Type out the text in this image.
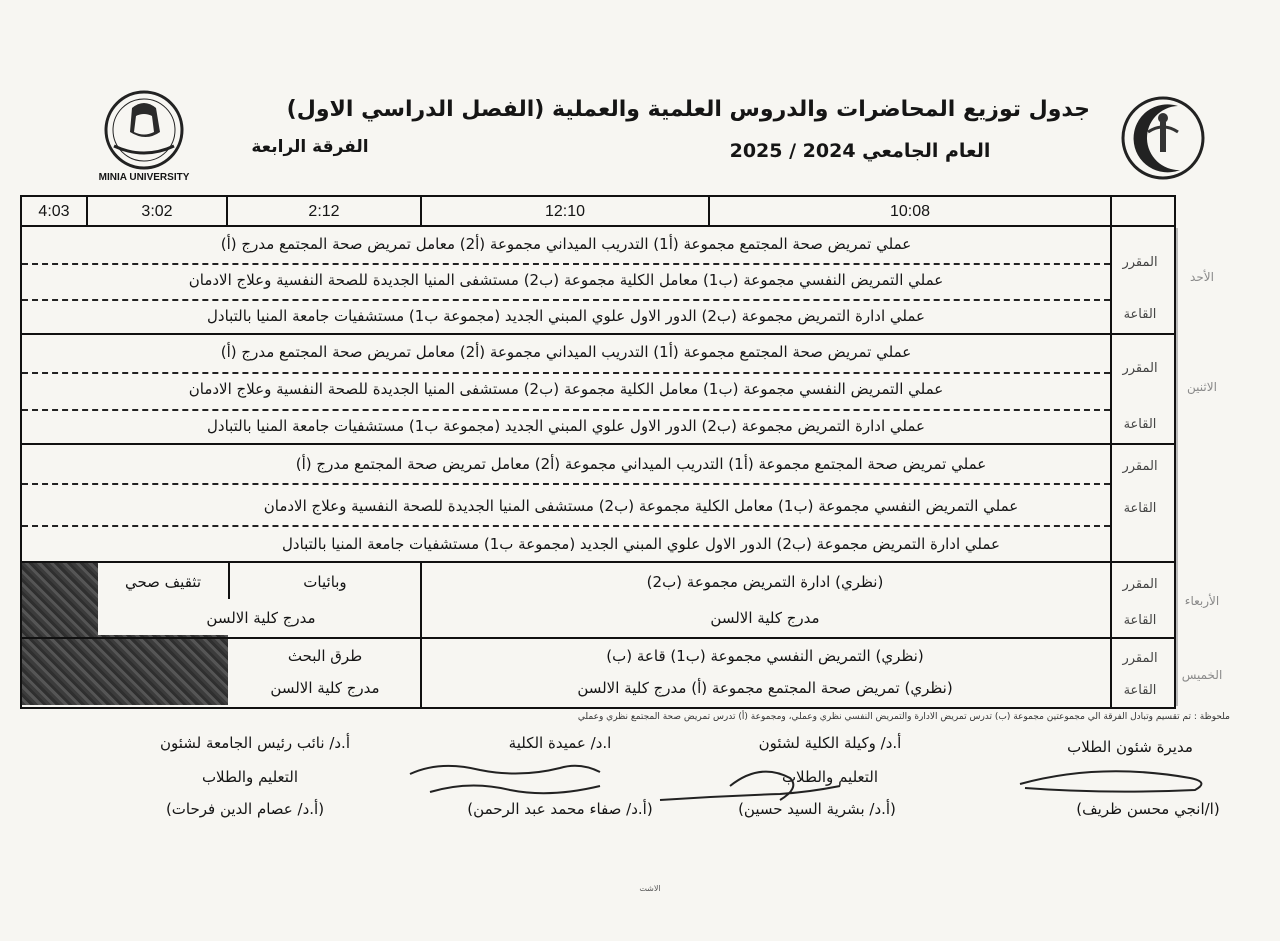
جدول توزيع المحاضرات والدروس العلمية والعملية (الفصل الدراسي الاول)
العام الجامعي 2024 / 2025
الفرقة الرابعة
MINIA UNIVERSITY
10:08
12:10
2:12
3:02
4:03
عملي تمريض صحة المجتمع مجموعة (أ1) التدريب الميداني مجموعة (أ2) معامل تمريض صحة المجتمع مدرج (أ)
عملي التمريض النفسي مجموعة (ب1) معامل الكلية مجموعة (ب2) مستشفى المنيا الجديدة للصحة النفسية وعلاج الادمان
عملي ادارة التمريض مجموعة (ب2) الدور الاول علوي المبني الجديد (مجموعة ب1) مستشفيات جامعة المنيا بالتبادل
عملي تمريض صحة المجتمع مجموعة (أ1) التدريب الميداني مجموعة (أ2) معامل تمريض صحة المجتمع مدرج (أ)
عملي التمريض النفسي مجموعة (ب1) معامل الكلية مجموعة (ب2) مستشفى المنيا الجديدة للصحة النفسية وعلاج الادمان
عملي ادارة التمريض مجموعة (ب2) الدور الاول علوي المبني الجديد (مجموعة ب1) مستشفيات جامعة المنيا بالتبادل
عملي تمريض صحة المجتمع مجموعة (أ1) التدريب الميداني مجموعة (أ2) معامل تمريض صحة المجتمع مدرج (أ)
عملي التمريض النفسي مجموعة (ب1) معامل الكلية مجموعة (ب2) مستشفى المنيا الجديدة للصحة النفسية وعلاج الادمان
عملي ادارة التمريض مجموعة (ب2) الدور الاول علوي المبني الجديد (مجموعة ب1) مستشفيات جامعة المنيا بالتبادل
(نظري) ادارة التمريض مجموعة (ب2)
مدرج كلية الالسن
وبائيات
تثقيف صحي
مدرج كلية الالسن
(نظري) التمريض النفسي مجموعة (ب1) قاعة (ب)
(نظري) تمريض صحة المجتمع مجموعة (أ) مدرج كلية الالسن
طرق البحث
مدرج كلية الالسن
المقرر
القاعة
المقرر
القاعة
المقرر
القاعة
المقرر
القاعة
المقرر
القاعة
الأحد
الاثنين
الأربعاء
الخميس
ملحوظة : تم تقسيم وتبادل الفرقة الي مجموعتين مجموعة (ب) تدرس تمريض الادارة والتمريض النفسي نظري وعملي، ومجموعة (أ) تدرس تمريض صحة المجتمع نظري وعملي
مديرة شئون الطلاب
(ا/انجي محسن ظريف)
أ.د/ وكيلة الكلية لشئون
التعليم والطلاب
(أ.د/ بشرية السيد حسين)
ا.د/ عميدة الكلية
(أ.د/ صفاء محمد عبد الرحمن)
أ.د/ نائب رئيس الجامعة لشئون
التعليم والطلاب
(أ.د/ عصام الدين فرحات)
الاشت
